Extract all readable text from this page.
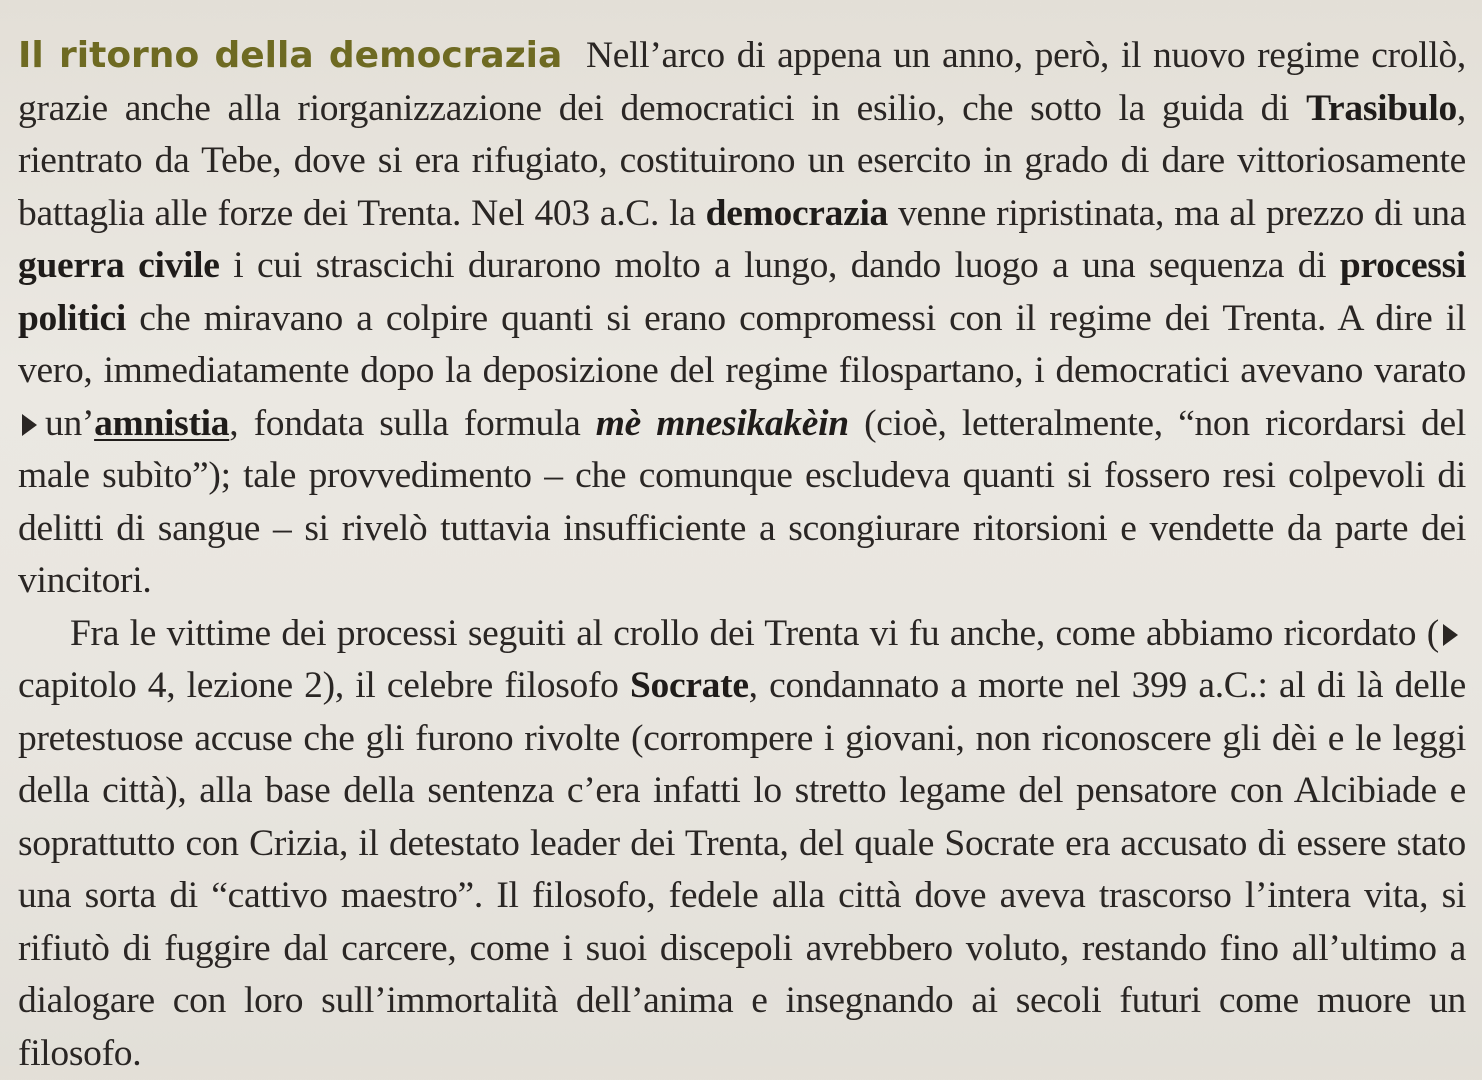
Il ritorno della democrazia Nell’arco di appena un anno, però, il nuovo regime crollò, grazie anche alla riorganizzazione dei democratici in esilio, che sotto la guida di Trasibulo, rientrato da Tebe, dove si era rifugiato, costituirono un esercito in grado di dare vittoriosamente battaglia alle forze dei Trenta. Nel 403 a.C. la democrazia venne ripristinata, ma al prezzo di una guerra civile i cui strascichi durarono molto a lungo, dando luogo a una sequenza di processi politici che miravano a colpire quanti si erano compromessi con il regime dei Trenta. A dire il vero, immediatamente dopo la deposizione del regime filospartano, i democratici avevano varato un’amnistia, fondata sulla formula mè mnesikakèin (cioè, letteralmente, “non ricordarsi del male subìto”); tale provvedimento – che comunque escludeva quanti si fossero resi colpevoli di delitti di sangue – si rivelò tuttavia insufficiente a scongiurare ritorsioni e vendette da parte dei vincitori.

Fra le vittime dei processi seguiti al crollo dei Trenta vi fu anche, come abbiamo ricordato (capitolo 4, lezione 2), il celebre filosofo Socrate, condannato a morte nel 399 a.C.: al di là delle pretestuose accuse che gli furono rivolte (corrompere i giovani, non riconoscere gli dèi e le leggi della città), alla base della sentenza c’era infatti lo stretto legame del pensatore con Alcibiade e soprattutto con Crizia, il detestato leader dei Trenta, del quale Socrate era accusato di essere stato una sorta di “cattivo maestro”. Il filosofo, fedele alla città dove aveva trascorso l’intera vita, si rifiutò di fuggire dal carcere, come i suoi discepoli avrebbero voluto, restando fino all’ultimo a dialogare con loro sull’immortalità dell’anima e insegnando ai secoli futuri come muore un filosofo.
